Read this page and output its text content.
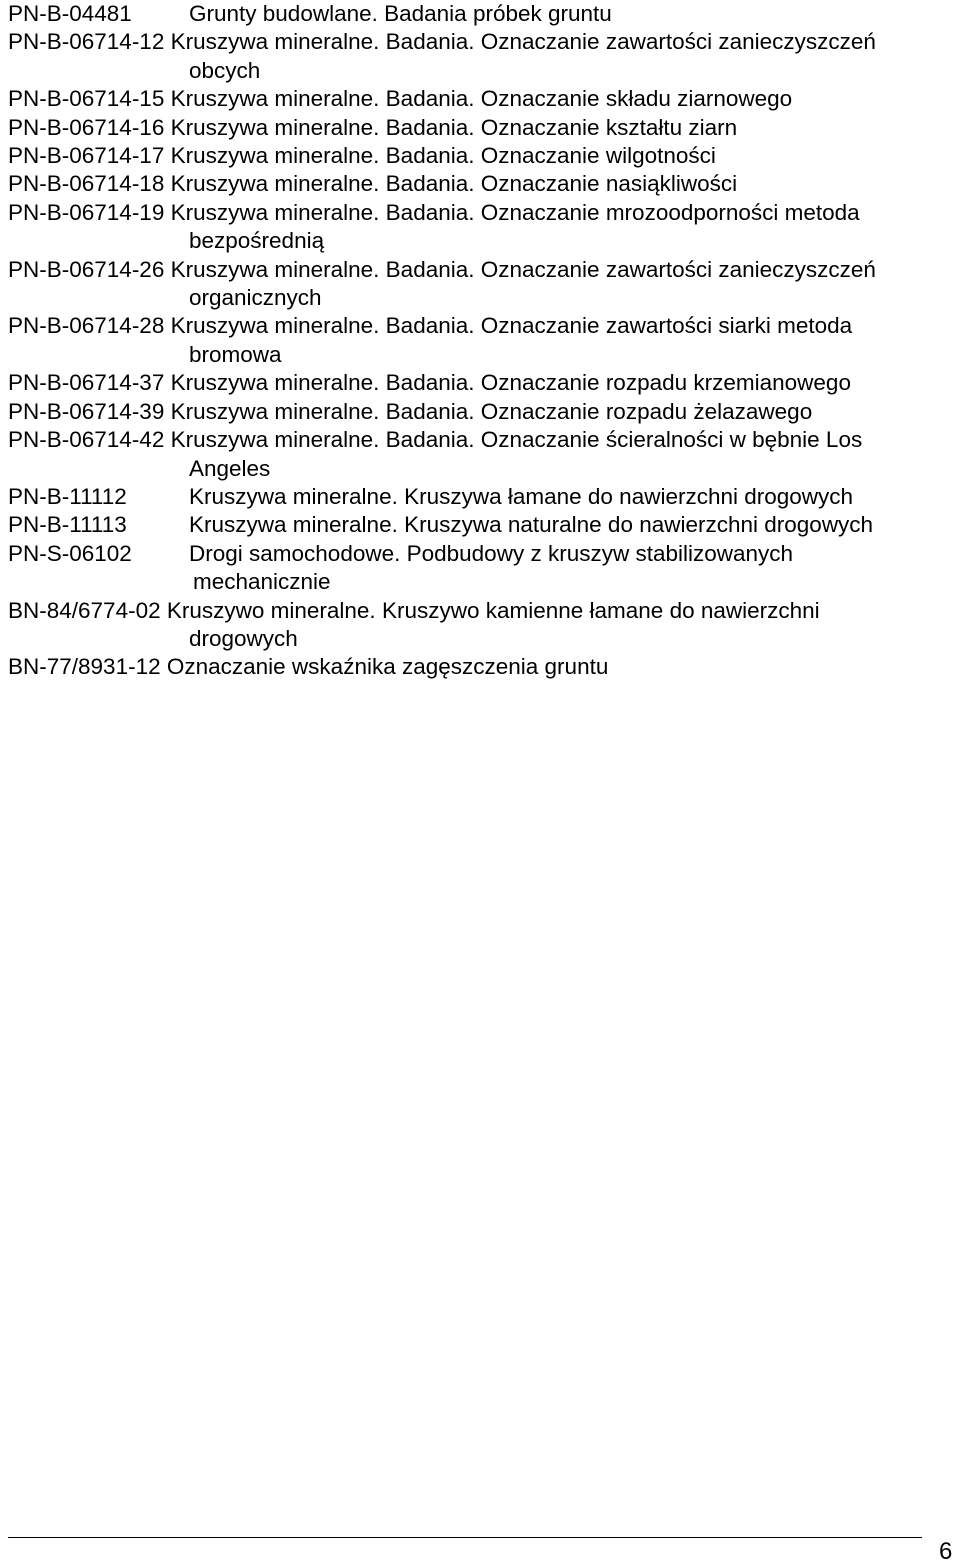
PN-B-04481	Grunty budowlane. Badania próbek gruntu
PN-B-06714-12 Kruszywa mineralne. Badania. Oznaczanie zawartości zanieczyszczeń
obcych
PN-B-06714-15 Kruszywa mineralne. Badania. Oznaczanie składu ziarnowego
PN-B-06714-16 Kruszywa mineralne. Badania. Oznaczanie kształtu ziarn
PN-B-06714-17 Kruszywa mineralne. Badania. Oznaczanie wilgotności
PN-B-06714-18 Kruszywa mineralne. Badania. Oznaczanie nasiąkliwości
PN-B-06714-19 Kruszywa mineralne. Badania. Oznaczanie mrozoodporności metoda
bezpośrednią
PN-B-06714-26 Kruszywa mineralne. Badania. Oznaczanie zawartości zanieczyszczeń
organicznych
PN-B-06714-28 Kruszywa mineralne. Badania. Oznaczanie zawartości siarki metoda
bromowa
PN-B-06714-37 Kruszywa mineralne. Badania. Oznaczanie rozpadu krzemianowego
PN-B-06714-39 Kruszywa mineralne. Badania. Oznaczanie rozpadu żelazawego
PN-B-06714-42 Kruszywa mineralne. Badania. Oznaczanie ścieralności w bębnie Los
Angeles
PN-B-11112	Kruszywa mineralne. Kruszywa łamane do nawierzchni drogowych
PN-B-11113	Kruszywa mineralne. Kruszywa naturalne do nawierzchni drogowych
PN-S-06102	Drogi samochodowe. Podbudowy z kruszyw stabilizowanych
mechanicznie
BN-84/6774-02 Kruszywo mineralne. Kruszywo kamienne łamane do nawierzchni
drogowych
BN-77/8931-12 Oznaczanie wskaźnika zagęszczenia gruntu
6
